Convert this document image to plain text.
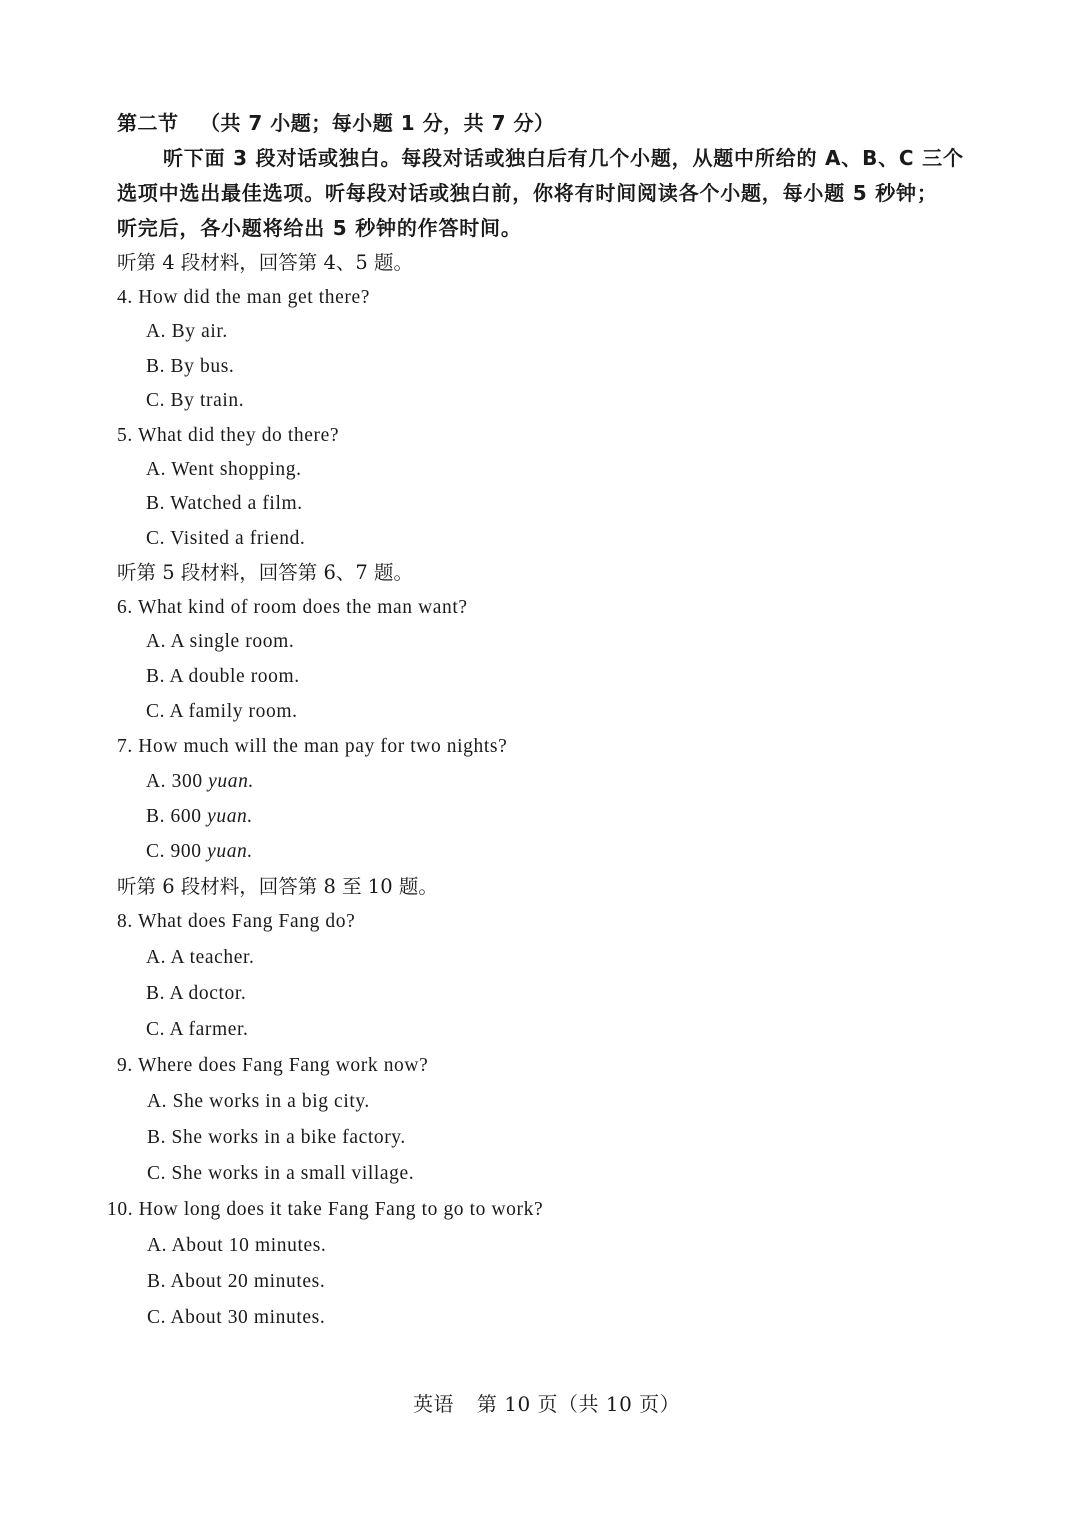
第二节 （共 7 小题；每小题 1 分，共 7 分）
听下面 3 段对话或独白。每段对话或独白后有几个小题，从题中所给的 A、B、C 三个
选项中选出最佳选项。听每段对话或独白前，你将有时间阅读各个小题，每小题 5 秒钟；
听完后，各小题将给出 5 秒钟的作答时间。
听第 4 段材料，回答第 4、5 题。
4. How did the man get there?
A. By air.
B. By bus.
C. By train.
5. What did they do there?
A. Went shopping.
B. Watched a film.
C. Visited a friend.
听第 5 段材料，回答第 6、7 题。
6. What kind of room does the man want?
A. A single room.
B. A double room.
C. A family room.
7. How much will the man pay for two nights?
A. 300 yuan.
B. 600 yuan.
C. 900 yuan.
听第 6 段材料，回答第 8 至 10 题。
8. What does Fang Fang do?
A. A teacher.
B. A doctor.
C. A farmer.
9. Where does Fang Fang work now?
A. She works in a big city.
B. She works in a bike factory.
C. She works in a small village.
10. How long does it take Fang Fang to go to work?
A. About 10 minutes.
B. About 20 minutes.
C. About 30 minutes.
英语 第 10 页（共 10 页）
